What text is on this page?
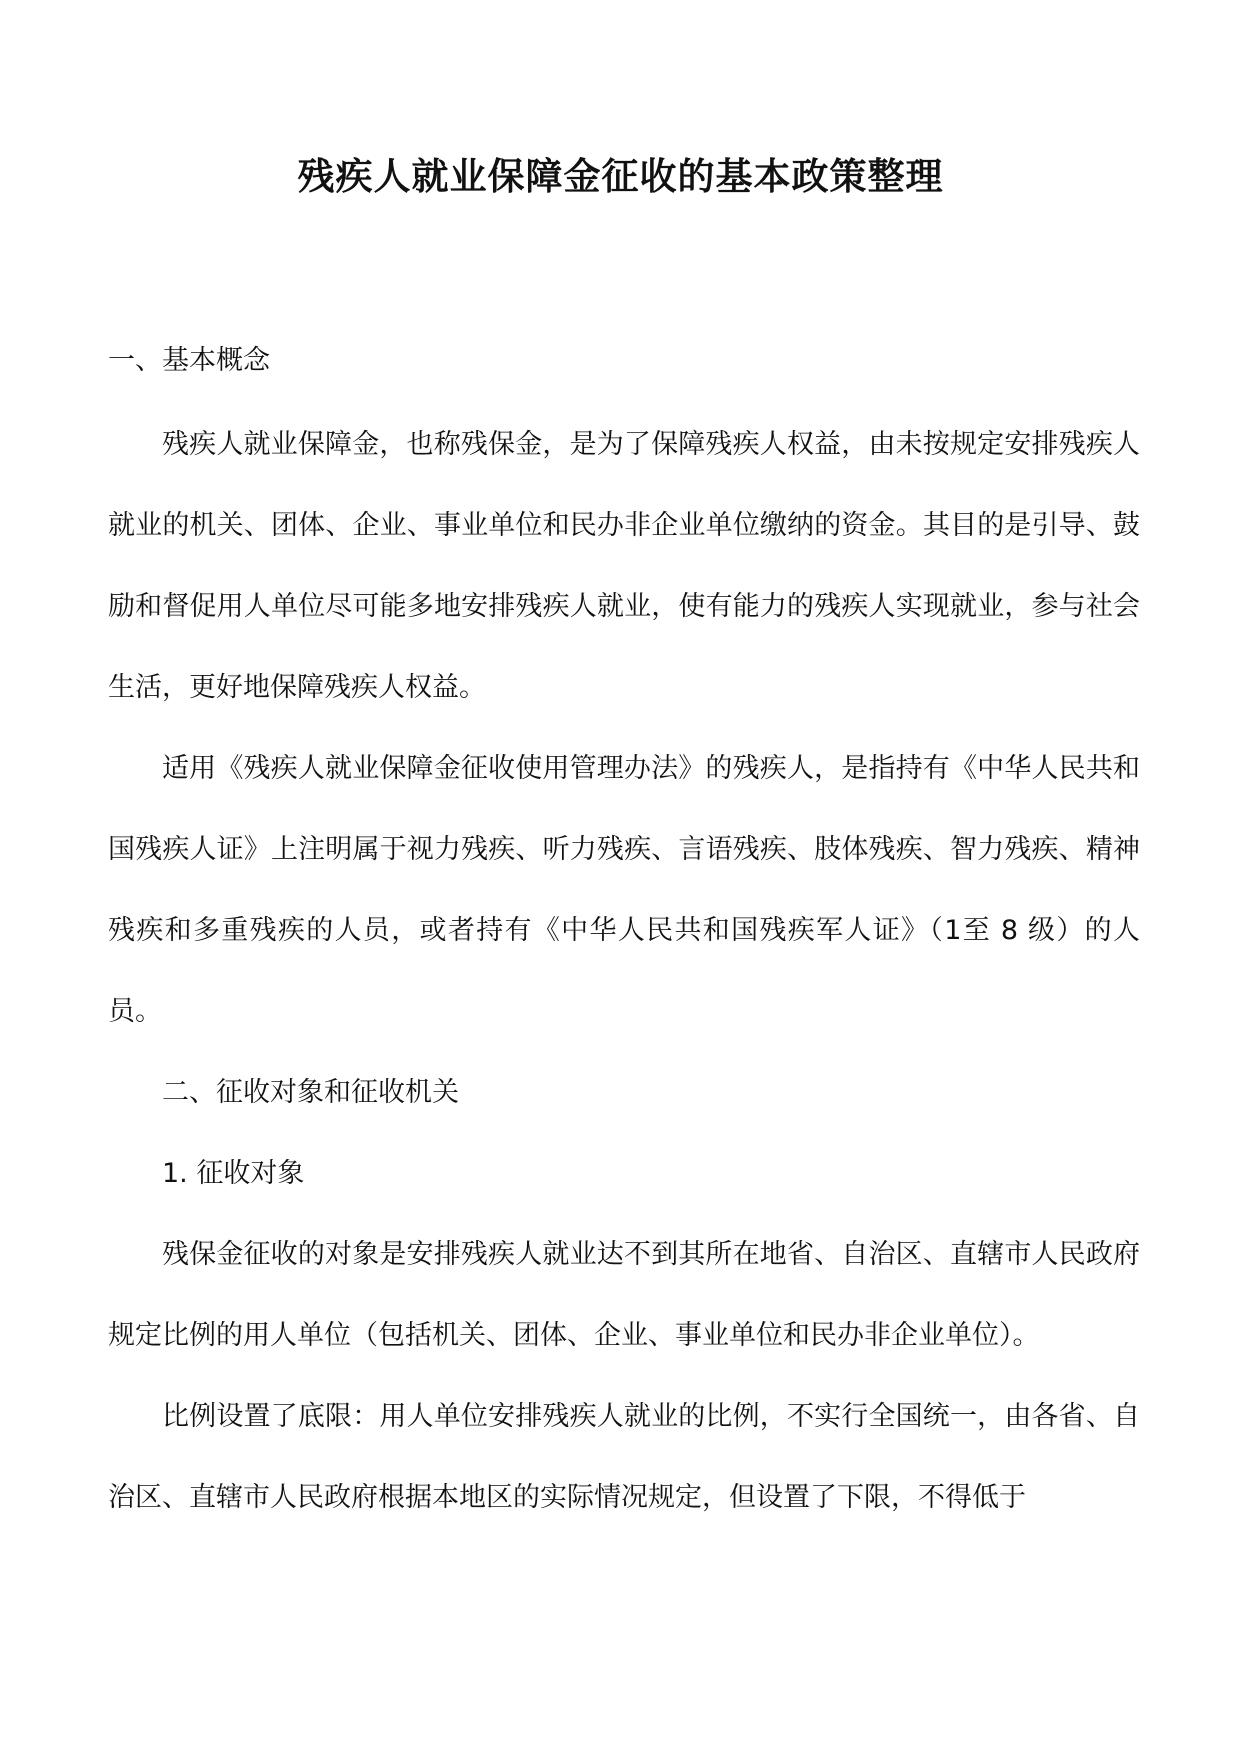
残疾人就业保障金征收的基本政策整理
一、基本概念

残疾人就业保障金，也称残保金，是为了保障残疾人权益，由未按规定安排残疾人就业的机关、团体、企业、事业单位和民办非企业单位缴纳的资金。其目的是引导、鼓励和督促用人单位尽可能多地安排残疾人就业，使有能力的残疾人实现就业，参与社会生活，更好地保障残疾人权益。

适用《残疾人就业保障金征收使用管理办法》的残疾人，是指持有《中华人民共和国残疾人证》上注明属于视力残疾、听力残疾、言语残疾、肢体残疾、智力残疾、精神残疾和多重残疾的人员，或者持有《中华人民共和国残疾军人证》（1至 8 级）的人员。

二、征收对象和征收机关
1. 征收对象

残保金征收的对象是安排残疾人就业达不到其所在地省、自治区、直辖市人民政府规定比例的用人单位（包括机关、团体、企业、事业单位和民办非企业单位）。

比例设置了底限：用人单位安排残疾人就业的比例，不实行全国统一，由各省、自治区、直辖市人民政府根据本地区的实际情况规定，但设置了下限，不得低于
